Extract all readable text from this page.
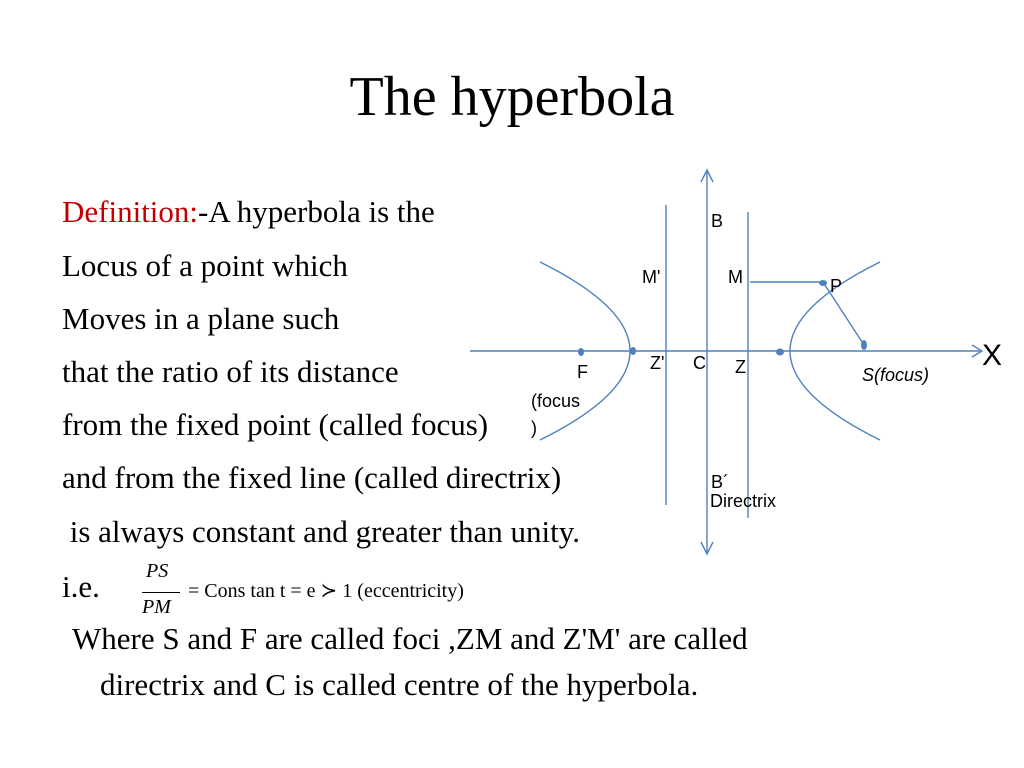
The hyperbola
Definition:-A hyperbola is the
Locus of a point which
Moves in a plane such
that the ratio of its distance
from the fixed point (called focus)
and from the fixed line (called directrix)
is always constant and greater than unity.
i.e. PS
PM
= Cons tan t = e ≻ 1 (eccentricity)
Where S and F are called foci ,ZM and Z'M' are called
directrix and C is called centre of the hyperbola.
B
M'	M	P
X
F	Z' C Z	S(focus)
(focus
)
B´
Directrix
